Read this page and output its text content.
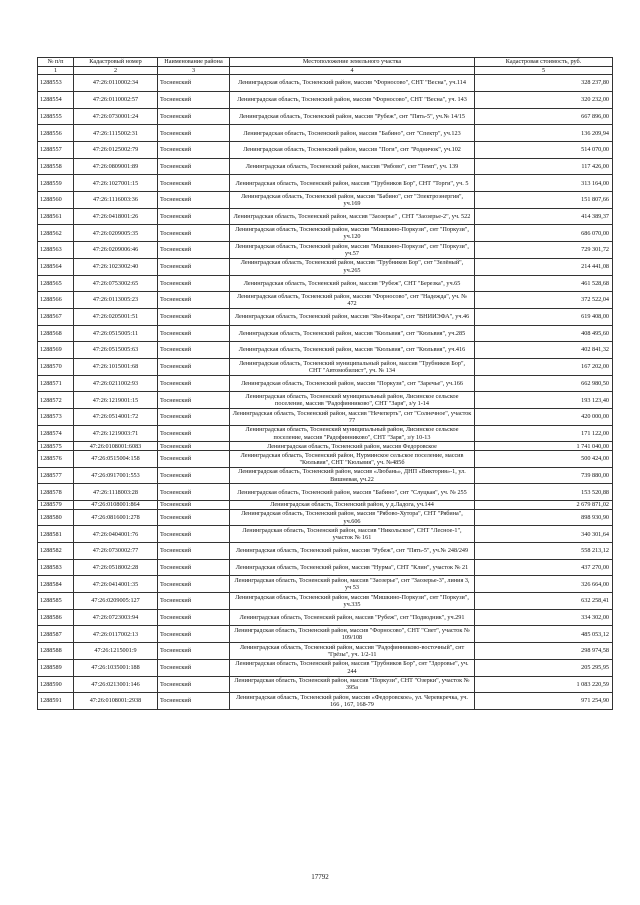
№ п/п	Кадастровый номер	Наименование района	Местоположение земельного участка	Кадастровая стоимость, руб.
1	2	3	4	5
1288553	47:26:0110002:34	Тосненский	Ленинградская область, Тосненский район, массив "Форносово", СНТ "Весна", уч.114	328 237,80
1288554	47:26:0110002:57	Тосненский	Ленинградская область, Тосненский район, массив "Форносово", СНТ "Весна", уч. 143	320 232,00
1288555	47:26:0730001:24	Тосненский	Ленинградская область, Тосненский район, массив "Рубеж", снт "Пять-5", уч.№ 14/15	667 896,00
1288556	47:26:1115002:31	Тосненский	Ленинградская область, Тосненский район, массив "Бабино", снт "Спектр", уч.123	136 209,94
1288557	47:26:0125002:79	Тосненский	Ленинградская область, Тосненский район, массив "Поги", снт "Родничок", уч.102	514 070,00
1288558	47:26:0809001:89	Тосненский	Ленинградская область, Тосненский район, массив "Рябово", снт "Темп", уч. 139	117 426,00
1288559	47:26:1027001:15	Тосненский	Ленинградская область, Тосненский район, массив "Трубников Бор", СНТ "Торги", уч. 5	313 164,00
1288560	47:26:1116003:36	Тосненский	Ленинградская область, Тосненский район, массив "Бабино", снт "Электроэнергия", уч.169	151 807,66
1288561	47:26:0418001:26	Тосненский	Ленинградская область, Тосненский район, массив "Заозерье" , СНТ "Заозерье-2", уч. 522	414 389,37
1288562	47:26:0209005:35	Тосненский	Ленинградская область, Тосненский район, массив "Мишкино-Поркузи", снт "Поркузи", уч.120	686 070,00
1288563	47:26:0209006:46	Тосненский	Ленинградская область, Тосненский район, массив "Мишкино-Поркузи", снт "Поркузи", уч.57	729 301,72
1288564	47:26:1023002:40	Тосненский	Ленинградская область, Тосненский район, массив "Трубников Бор", снт "Зелёный", уч.265	214 441,08
1288565	47:26:0753002:65	Тосненский	Ленинградская область, Тосненский район, массив "Рубеж", СНТ "Березка", уч.65	461 528,68
1288566	47:26:0113005:23	Тосненский	Ленинградская область, Тосненский район, массив "Форносово", снт "Надежда", уч. № 472	372 522,04
1288567	47:26:0205001:51	Тосненский	Ленинградская область, Тосненский район, массив "Ям-Ижора", снт "ВНИИЭФА", уч.46	619 408,00
1288568	47:26:0515005:11	Тосненский	Ленинградская область, Тосненский район, массив "Кюльвия", снт "Кюльвия", уч.285	408 495,60
1288569	47:26:0515005:63	Тосненский	Ленинградская область, Тосненский район, массив "Кюльвия", снт "Кюльвия", уч.416	402 841,32
1288570	47:26:1015001:68	Тосненский	Ленинградская область, Тосненский муниципальный район, массив "Трубников Бор", СНТ "Автомобилист", уч. № 134	167 202,00
1288571	47:26:0211002:93	Тосненский	Ленинградская область, Тосненский район, массив "Поркузи", снт "Заречье", уч.166	662 980,50
1288572	47:26:1219001:15	Тосненский	Ленинградская область, Тосненский муниципальный район, Лисинское сельское поселение, массив "Радофинниково", СНТ "Заря", з/у 1-14	193 123,40
1288573	47:26:0514001:72	Тосненский	Ленинградская область, Тосненский район, массив "Нечеперть", снт "Солнечное", участок 77	420 000,00
1288574	47:26:1219003:71	Тосненский	Ленинградская область, Тосненский муниципальный район, Лисинское сельское поселение, массив "Радофинниково", СНТ "Заря", з/у 10-13	171 122,00
1288575	47:26:0108001:6083	Тосненский	Ленинградская область, Тосненский район, массив Федоровское	1 741 040,00
1288576	47:26:0515004:158	Тосненский	Ленинградская область, Тосненский район, Нурминское сельское поселение, массив "Кюльвия", СНТ "Кюльвия", уч. №485б	500 424,00
1288577	47:26:0917001:553	Тосненский	Ленинградская область, Тосненский район, массив «Любань», ДНП «Виктория»-1, ул. Вишневая, уч.22	739 880,00
1288578	47:26:1118003:28	Тосненский	Ленинградская область, Тосненский район, массив "Бабино", снт "Слуцкая", уч. № 255	153 520,88
1288579	47:26:0108001:864	Тосненский	Ленинградская область, Тосненский район, у д.Ладога, уч.144	2 679 871,02
1288580	47:26:0816001:278	Тосненский	Ленинградская область, Тосненский район, массив "Рябово-Хутора", СНТ "Рябина", уч.606	898 930,90
1288581	47:26:0404001:76	Тосненский	Ленинградская область, Тосненский район, массив "Никольское", СНТ "Лесное-1", участок № 161	340 301,64
1288582	47:26:0730002:77	Тосненский	Ленинградская область, Тосненский район, массив "Рубеж", снт "Пять-5", уч.№ 248/249	558 213,12
1288583	47:26:0518002:28	Тосненский	Ленинградская область, Тосненский район, массив "Нурма", СНТ "Клин", участок № 21	437 270,00
1288584	47:26:0414001:35	Тосненский	Ленинградская область, Тосненский район, массив "Заозерье", снт "Заозерье-3", линия 3, уч 53	326 664,00
1288585	47:26:0209005:127	Тосненский	Ленинградская область, Тосненский район, массив "Мишкино-Поркузи", снт "Поркузи", уч.335	632 258,41
1288586	47:26:0723003:94	Тосненский	Ленинградская область, Тосненский район, массив "Рубеж", снт "Подводник", уч.291	334 302,00
1288587	47:26:0117002:13	Тосненский	Ленинградская область, Тосненский район, массив "Форносово", СНТ "Свет", участок № 109/108	485 053,12
1288588	47:26:1215001:9	Тосненский	Ленинградская область, Тосненский район, массив "Радофинниково-восточный", снт "Грёзы", уч. 1/2-11	298 974,58
1288589	47:26:1035001:188	Тосненский	Ленинградская область, Тосненский район, массив "Трубников Бор", снт "Здоровье", уч. 244	205 295,95
1288590	47:26:0213001:146	Тосненский	Ленинградская область, Тосненский район, массив "Поркузи", СНТ "Озерки", участок № 395а	1 083 220,59
1288591	47:26:0108001:2938	Тосненский	Ленинградская область, Тосненский район, массив «Федоровское», ул. Черевкречка, уч. 166 , 167, 168-79	971 254,90
17792
